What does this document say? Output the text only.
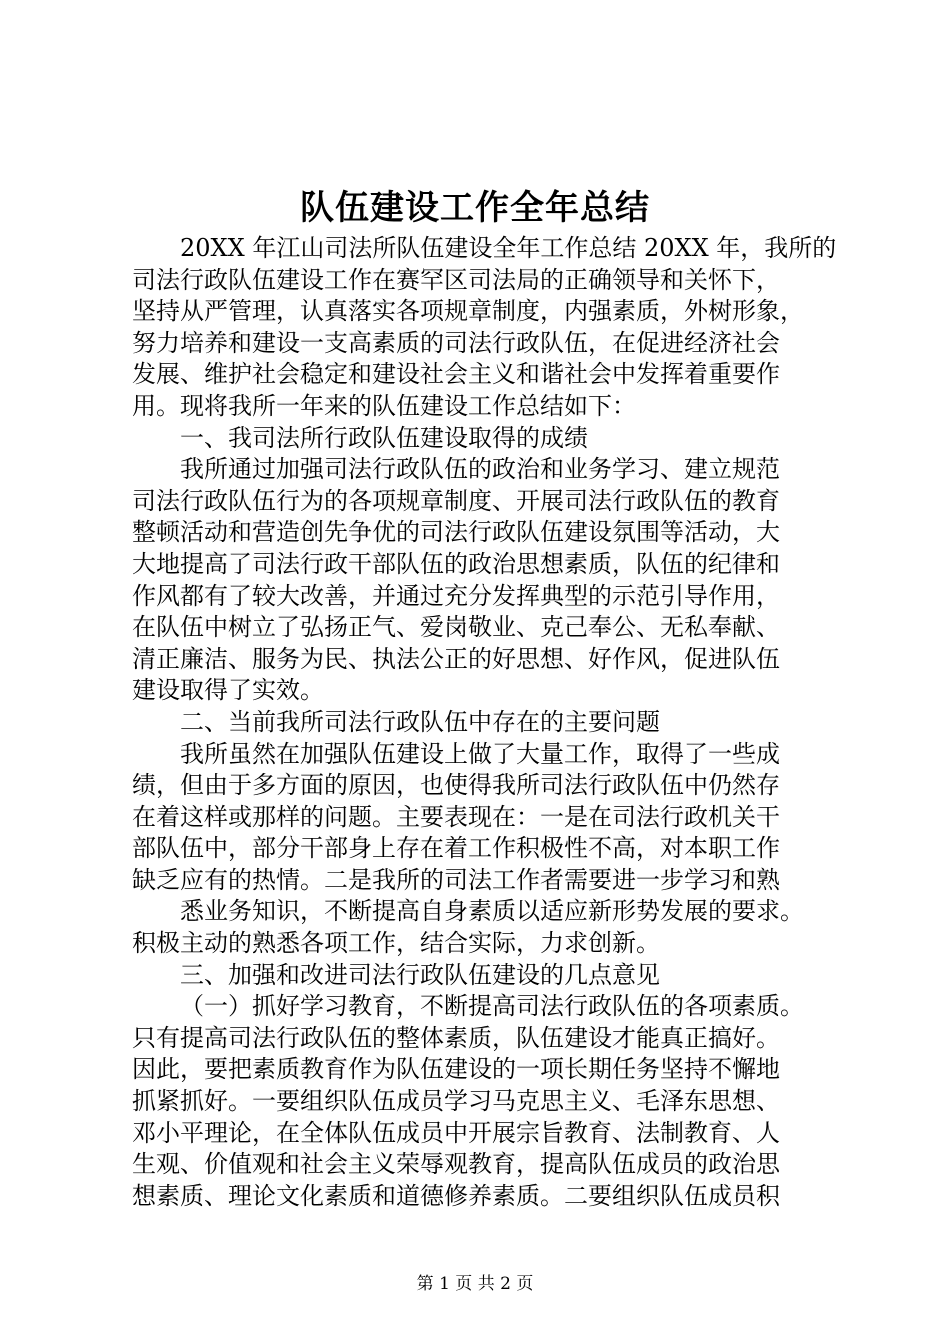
队伍建设工作全年总结
20XX 年江山司法所队伍建设全年工作总结 20XX 年，我所的
司法行政队伍建设工作在赛罕区司法局的正确领导和关怀下，
坚持从严管理，认真落实各项规章制度，内强素质，外树形象，
努力培养和建设一支高素质的司法行政队伍，在促进经济社会
发展、维护社会稳定和建设社会主义和谐社会中发挥着重要作
用。现将我所一年来的队伍建设工作总结如下：
一、我司法所行政队伍建设取得的成绩
我所通过加强司法行政队伍的政治和业务学习、建立规范
司法行政队伍行为的各项规章制度、开展司法行政队伍的教育
整顿活动和营造创先争优的司法行政队伍建设氛围等活动，大
大地提高了司法行政干部队伍的政治思想素质，队伍的纪律和
作风都有了较大改善，并通过充分发挥典型的示范引导作用，
在队伍中树立了弘扬正气、爱岗敬业、克己奉公、无私奉献、
清正廉洁、服务为民、执法公正的好思想、好作风，促进队伍
建设取得了实效。
二、当前我所司法行政队伍中存在的主要问题
我所虽然在加强队伍建设上做了大量工作，取得了一些成
绩，但由于多方面的原因，也使得我所司法行政队伍中仍然存
在着这样或那样的问题。主要表现在：一是在司法行政机关干
部队伍中，部分干部身上存在着工作积极性不高，对本职工作
缺乏应有的热情。二是我所的司法工作者需要进一步学习和熟
悉业务知识，不断提高自身素质以适应新形势发展的要求。
积极主动的熟悉各项工作，结合实际，力求创新。
三、加强和改进司法行政队伍建设的几点意见
（一）抓好学习教育，不断提高司法行政队伍的各项素质。
只有提高司法行政队伍的整体素质，队伍建设才能真正搞好。
因此，要把素质教育作为队伍建设的一项长期任务坚持不懈地
抓紧抓好。一要组织队伍成员学习马克思主义、毛泽东思想、
邓小平理论，在全体队伍成员中开展宗旨教育、法制教育、人
生观、价值观和社会主义荣辱观教育，提高队伍成员的政治思
想素质、理论文化素质和道德修养素质。二要组织队伍成员积
第 1 页 共 2 页
